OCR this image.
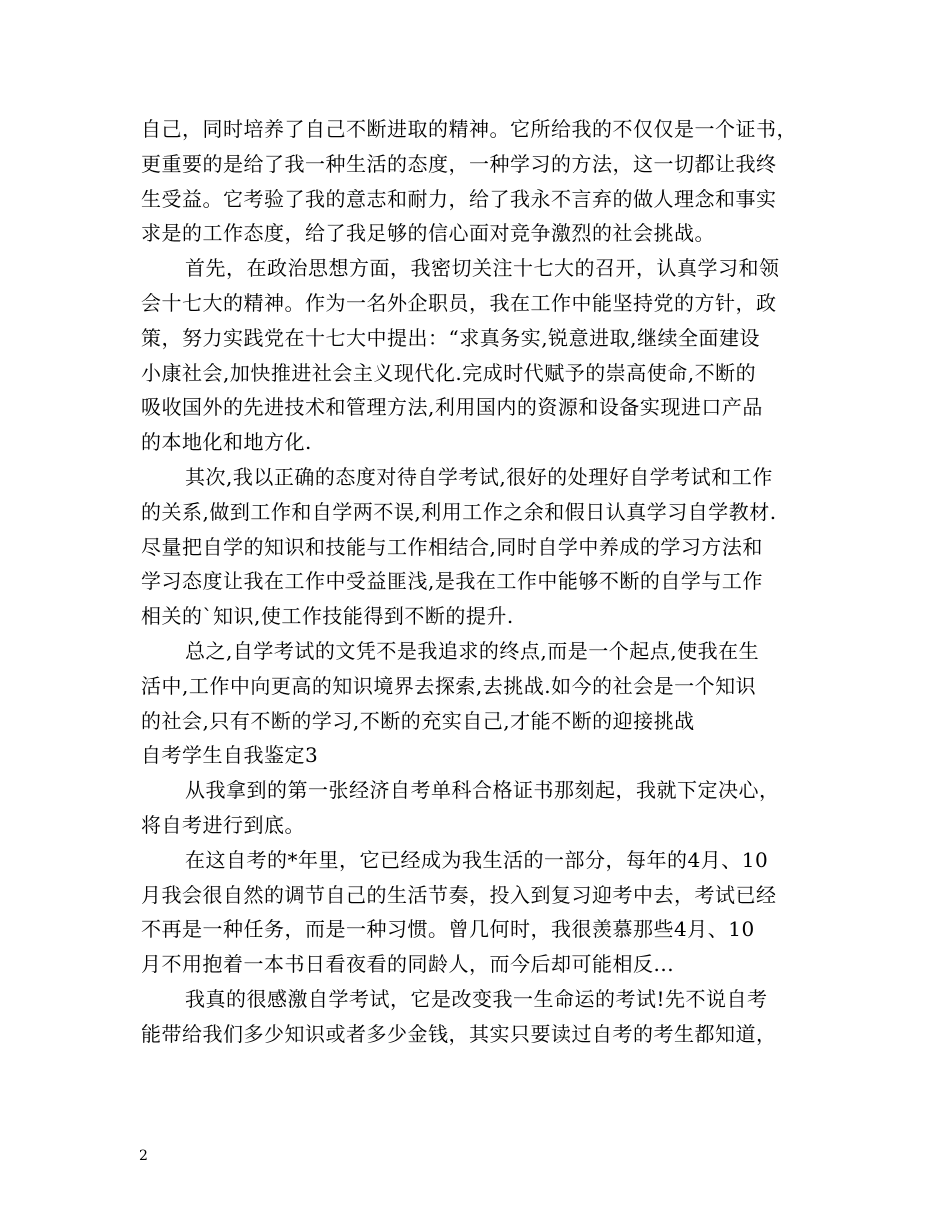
自己，同时培养了自己不断进取的精神。它所给我的不仅仅是一个证书，
更重要的是给了我一种生活的态度，一种学习的方法，这一切都让我终
生受益。它考验了我的意志和耐力，给了我永不言弃的做人理念和事实
求是的工作态度，给了我足够的信心面对竞争激烈的社会挑战。
首先，在政治思想方面，我密切关注十七大的召开，认真学习和领
会十七大的精神。作为一名外企职员，我在工作中能坚持党的方针，政
策，努力实践党在十七大中提出：“求真务实,锐意进取,继续全面建设
小康社会,加快推进社会主义现代化.完成时代赋予的崇高使命,不断的
吸收国外的先进技术和管理方法,利用国内的资源和设备实现进口产品
的本地化和地方化.
其次,我以正确的态度对待自学考试,很好的处理好自学考试和工作
的关系,做到工作和自学两不误,利用工作之余和假日认真学习自学教材.
尽量把自学的知识和技能与工作相结合,同时自学中养成的学习方法和
学习态度让我在工作中受益匪浅,是我在工作中能够不断的自学与工作
相关的`知识,使工作技能得到不断的提升.
总之,自学考试的文凭不是我追求的终点,而是一个起点,使我在生
活中,工作中向更高的知识境界去探索,去挑战.如今的社会是一个知识
的社会,只有不断的学习,不断的充实自己,才能不断的迎接挑战
自考学生自我鉴定3
从我拿到的第一张经济自考单科合格证书那刻起，我就下定决心，
将自考进行到底。
在这自考的*年里，它已经成为我生活的一部分，每年的4月、10
月我会很自然的调节自己的生活节奏，投入到复习迎考中去，考试已经
不再是一种任务，而是一种习惯。曾几何时，我很羡慕那些4月、10
月不用抱着一本书日看夜看的同龄人，而今后却可能相反...
我真的很感激自学考试，它是改变我一生命运的考试!先不说自考
能带给我们多少知识或者多少金钱，其实只要读过自考的考生都知道，
2
